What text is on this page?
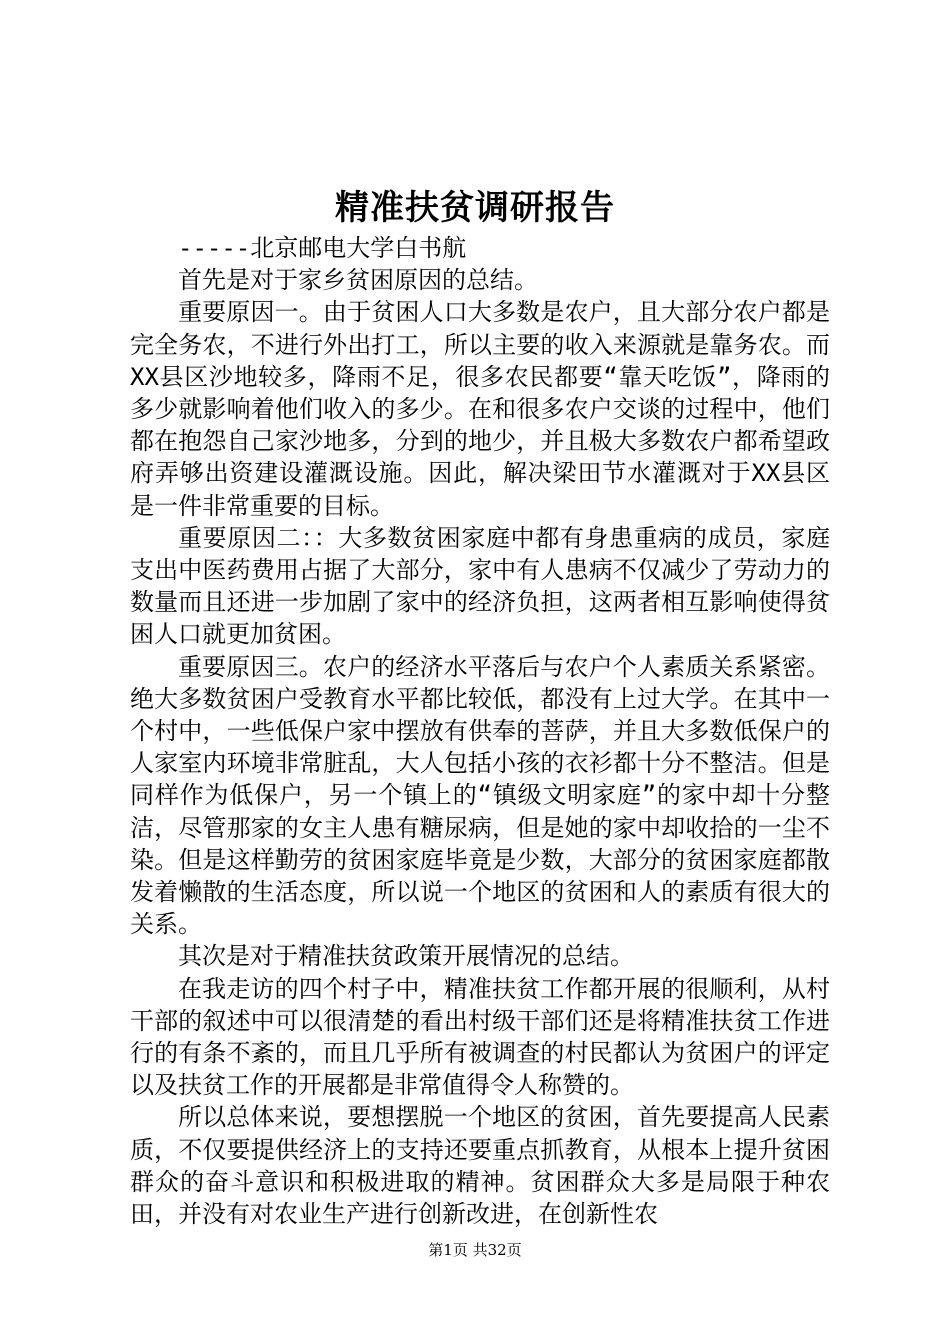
精准扶贫调研报告

-----北京邮电大学白书航

首先是对于家乡贫困原因的总结。

重要原因一。由于贫困人口大多数是农户，且大部分农户都是完全务农，不进行外出打工，所以主要的收入来源就是靠务农。而XX县区沙地较多，降雨不足，很多农民都要“靠天吃饭”，降雨的多少就影响着他们收入的多少。在和很多农户交谈的过程中，他们都在抱怨自己家沙地多，分到的地少，并且极大多数农户都希望政府弄够出资建设灌溉设施。因此，解决梁田节水灌溉对于XX县区是一件非常重要的目标。

重要原因二：：大多数贫困家庭中都有身患重病的成员，家庭支出中医药费用占据了大部分，家中有人患病不仅减少了劳动力的数量而且还进一步加剧了家中的经济负担，这两者相互影响使得贫困人口就更加贫困。

重要原因三。农户的经济水平落后与农户个人素质关系紧密。绝大多数贫困户受教育水平都比较低，都没有上过大学。在其中一个村中，一些低保户家中摆放有供奉的菩萨，并且大多数低保户的人家室内环境非常脏乱，大人包括小孩的衣衫都十分不整洁。但是同样作为低保户，另一个镇上的“镇级文明家庭”的家中却十分整洁，尽管那家的女主人患有糖尿病，但是她的家中却收拾的一尘不染。但是这样勤劳的贫困家庭毕竟是少数，大部分的贫困家庭都散发着懒散的生活态度，所以说一个地区的贫困和人的素质有很大的关系。

其次是对于精准扶贫政策开展情况的总结。

在我走访的四个村子中，精准扶贫工作都开展的很顺利，从村干部的叙述中可以很清楚的看出村级干部们还是将精准扶贫工作进行的有条不紊的，而且几乎所有被调查的村民都认为贫困户的评定以及扶贫工作的开展都是非常值得令人称赞的。

所以总体来说，要想摆脱一个地区的贫困，首先要提高人民素质，不仅要提供经济上的支持还要重点抓教育，从根本上提升贫困群众的奋斗意识和积极进取的精神。贫困群众大多是局限于种农田，并没有对农业生产进行创新改进，在创新性农

第1页 共32页
